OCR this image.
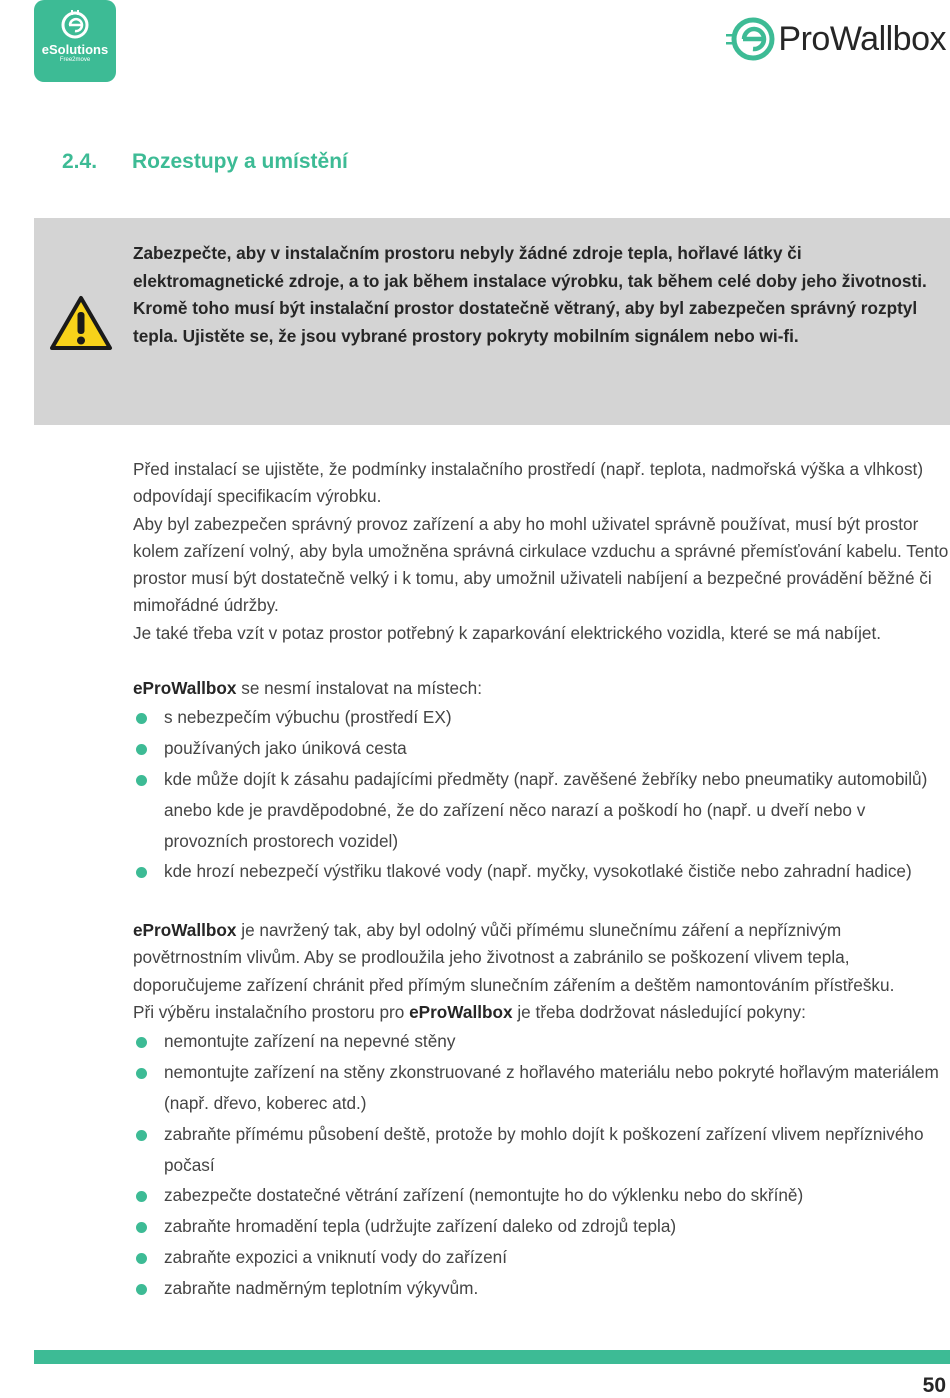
eSolutions
Free2move
ProWallbox
2.4. Rozestupy a umístění

Zabezpečte, aby v instalačním prostoru nebyly žádné zdroje tepla, hořlavé látky či elektromagnetické zdroje, a to jak během instalace výrobku, tak během celé doby jeho životnosti.

Kromě toho musí být instalační prostor dostatečně větraný, aby byl zabezpečen správný rozptyl tepla. Ujistěte se, že jsou vybrané prostory pokryty mobilním signálem nebo wi-fi.

Před instalací se ujistěte, že podmínky instalačního prostředí (např. teplota, nadmořská výška a vlhkost) odpovídají specifikacím výrobku.

Aby byl zabezpečen správný provoz zařízení a aby ho mohl uživatel správně používat, musí být prostor kolem zařízení volný, aby byla umožněna správná cirkulace vzduchu a správné přemísťování kabelu. Tento prostor musí být dostatečně velký i k tomu, aby umožnil uživateli nabíjení a bezpečné provádění běžné či mimořádné údržby.

Je také třeba vzít v potaz prostor potřebný k zaparkování elektrického vozidla, které se má nabíjet.

eProWallbox se nesmí instalovat na místech:

s nebezpečím výbuchu (prostředí EX)
používaných jako úniková cesta
kde může dojít k zásahu padajícími předměty (např. zavěšené žebříky nebo pneumatiky automobilů) anebo kde je pravděpodobné, že do zařízení něco narazí a poškodí ho (např. u dveří nebo v provozních prostorech vozidel)
kde hrozí nebezpečí výstřiku tlakové vody (např. myčky, vysokotlaké čističe nebo zahradní hadice)

eProWallbox je navržený tak, aby byl odolný vůči přímému slunečnímu záření a nepříznivým povětrnostním vlivům. Aby se prodloužila jeho životnost a zabránilo se poškození vlivem tepla, doporučujeme zařízení chránit před přímým slunečním zářením a deštěm namontováním přístřešku.

Při výběru instalačního prostoru pro eProWallbox je třeba dodržovat následující pokyny:

nemontujte zařízení na nepevné stěny
nemontujte zařízení na stěny zkonstruované z hořlavého materiálu nebo pokryté hořlavým materiálem (např. dřevo, koberec atd.)
zabraňte přímému působení deště, protože by mohlo dojít k poškození zařízení vlivem nepříznivého počasí
zabezpečte dostatečné větrání zařízení (nemontujte ho do výklenku nebo do skříně)
zabraňte hromadění tepla (udržujte zařízení daleko od zdrojů tepla)
zabraňte expozici a vniknutí vody do zařízení
zabraňte nadměrným teplotním výkyvům.
50
